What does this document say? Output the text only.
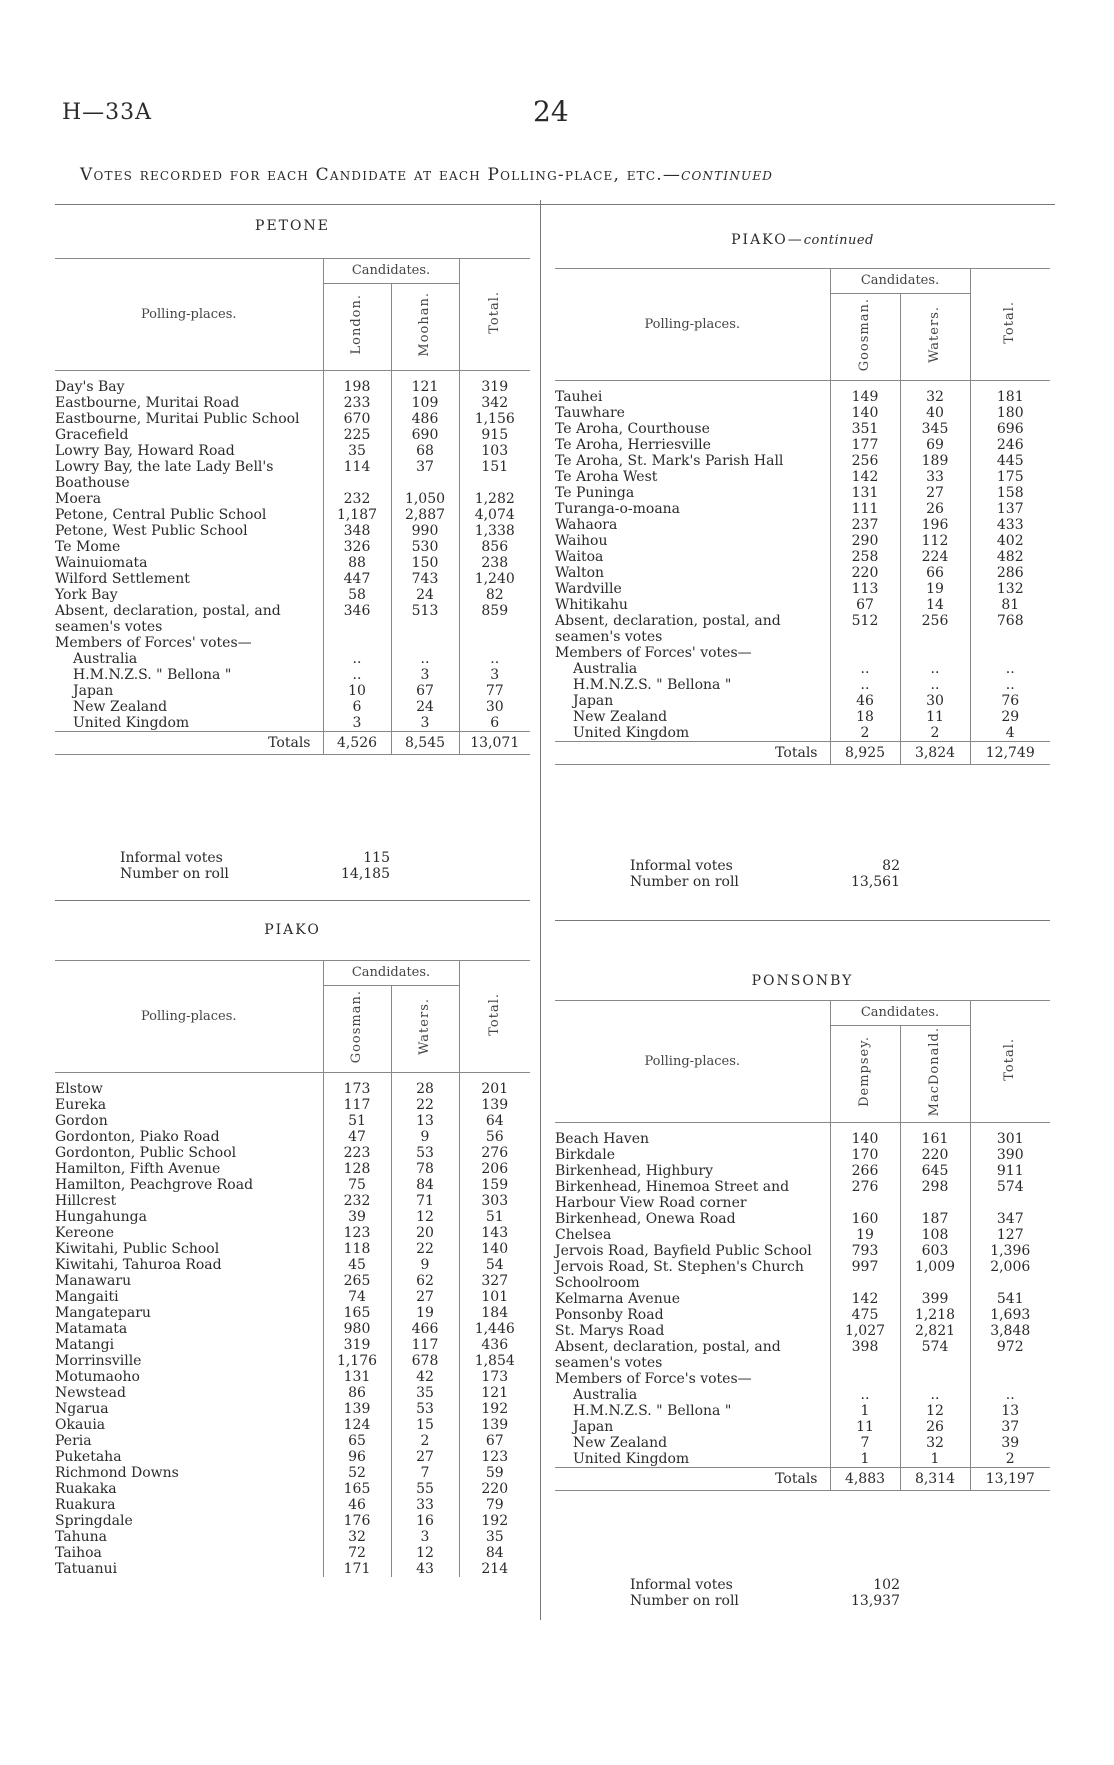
H—33A	24
Votes recorded for each Candidate at each Polling-place, etc.—continued
PETONE
Polling-places.	Candidates.		Total.
	London.	Moohan.	
Day's Bay	198	121	319
Eastbourne, Muritai Road	233	109	342
Eastbourne, Muritai Public School	670	486	1,156
Gracefield	225	690	915
Lowry Bay, Howard Road	35	68	103
Lowry Bay, the late Lady Bell's Boathouse	114	37	151
Moera	232	1,050	1,282
Petone, Central Public School	1,187	2,887	4,074
Petone, West Public School	348	990	1,338
Te Mome	326	530	856
Wainuiomata	88	150	238
Wilford Settlement	447	743	1,240
York Bay	58	24	82
Absent, declaration, postal, and seamen's votes	346	513	859
Members of Forces' votes—			
Australia	..	..	..
H.M.N.Z.S. " Bellona "	..	3	3
Japan	10	67	77
New Zealand	6	24	30
United Kingdom	3	3	6
Totals	4,526	8,545	13,071
Informal votes	115
Number on roll	14,185
PIAKO
Polling-places.	Candidates.		Total.
	Goosman.	Waters.	
Elstow	173	28	201
Eureka	117	22	139
Gordon	51	13	64
Gordonton, Piako Road	47	9	56
Gordonton, Public School	223	53	276
Hamilton, Fifth Avenue	128	78	206
Hamilton, Peachgrove Road	75	84	159
Hillcrest	232	71	303
Hungahunga	39	12	51
Kereone	123	20	143
Kiwitahi, Public School	118	22	140
Kiwitahi, Tahuroa Road	45	9	54
Manawaru	265	62	327
Mangaiti	74	27	101
Mangateparu	165	19	184
Matamata	980	466	1,446
Matangi	319	117	436
Morrinsville	1,176	678	1,854
Motumaoho	131	42	173
Newstead	86	35	121
Ngarua	139	53	192
Okauia	124	15	139
Peria	65	2	67
Puketaha	96	27	123
Richmond Downs	52	7	59
Ruakaka	165	55	220
Ruakura	46	33	79
Springdale	176	16	192
Tahuna	32	3	35
Taihoa	72	12	84
Tatuanui	171	43	214
PIAKO—continued
Polling-places.	Candidates.		Total.
	Goosman.	Waters.	
Tauhei	149	32	181
Tauwhare	140	40	180
Te Aroha, Courthouse	351	345	696
Te Aroha, Herriesville	177	69	246
Te Aroha, St. Mark's Parish Hall	256	189	445
Te Aroha West	142	33	175
Te Puninga	131	27	158
Turanga-o-moana	111	26	137
Wahaora	237	196	433
Waihou	290	112	402
Waitoa	258	224	482
Walton	220	66	286
Wardville	113	19	132
Whitikahu	67	14	81
Absent, declaration, postal, and seamen's votes	512	256	768
Members of Forces' votes—			
Australia	..	..	..
H.M.N.Z.S. " Bellona "	..	..	..
Japan	46	30	76
New Zealand	18	11	29
United Kingdom	2	2	4
Totals	8,925	3,824	12,749
Informal votes	82
Number on roll	13,561
PONSONBY
Polling-places.	Candidates.		Total.
	Dempsey.	MacDonald.	
Beach Haven	140	161	301
Birkdale	170	220	390
Birkenhead, Highbury	266	645	911
Birkenhead, Hinemoa Street and Harbour View Road corner	276	298	574
Birkenhead, Onewa Road	160	187	347
Chelsea	19	108	127
Jervois Road, Bayfield Public School	793	603	1,396
Jervois Road, St. Stephen's Church Schoolroom	997	1,009	2,006
Kelmarna Avenue	142	399	541
Ponsonby Road	475	1,218	1,693
St. Marys Road	1,027	2,821	3,848
Absent, declaration, postal, and seamen's votes	398	574	972
Members of Force's votes—			
Australia	..	..	..
H.M.N.Z.S. " Bellona "	1	12	13
Japan	11	26	37
New Zealand	7	32	39
United Kingdom	1	1	2
Totals	4,883	8,314	13,197
Informal votes	102
Number on roll	13,937
